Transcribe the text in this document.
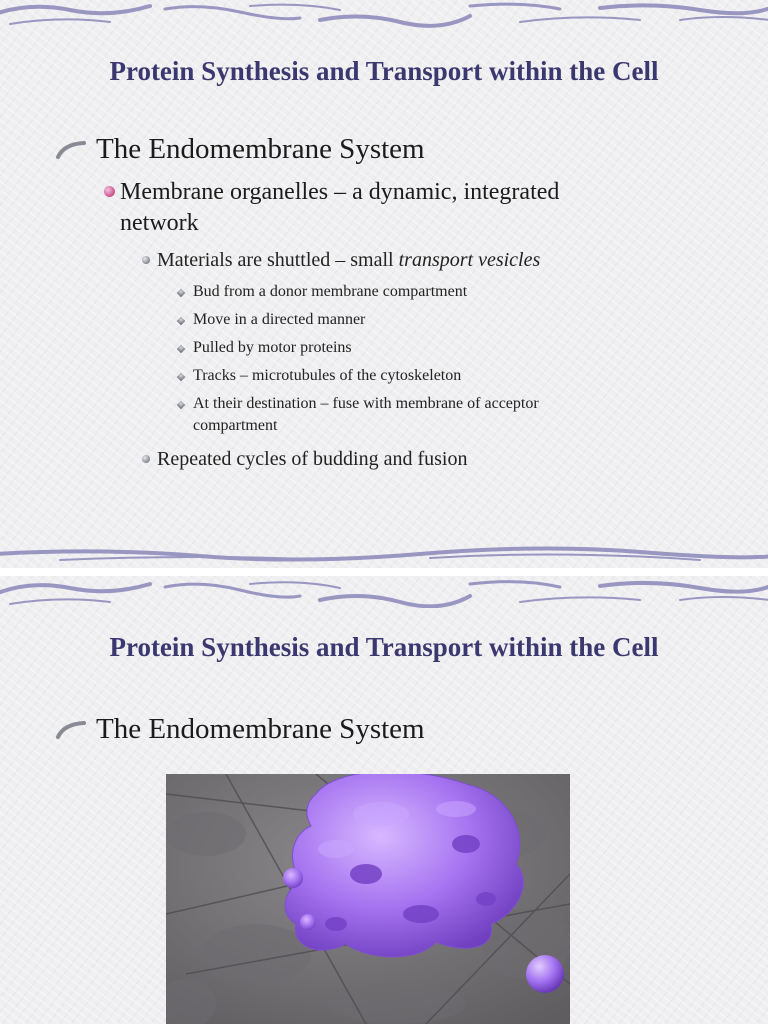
Protein Synthesis and Transport within the Cell
The Endomembrane System
Membrane organelles – a dynamic, integrated
network
Materials are shuttled – small transport vesicles
Bud from a donor membrane compartment
Move in a directed manner
Pulled by motor proteins
Tracks – microtubules of the cytoskeleton
At their destination – fuse with membrane of acceptor
compartment
Repeated cycles of budding and fusion
Protein Synthesis and Transport within the Cell
The Endomembrane System
